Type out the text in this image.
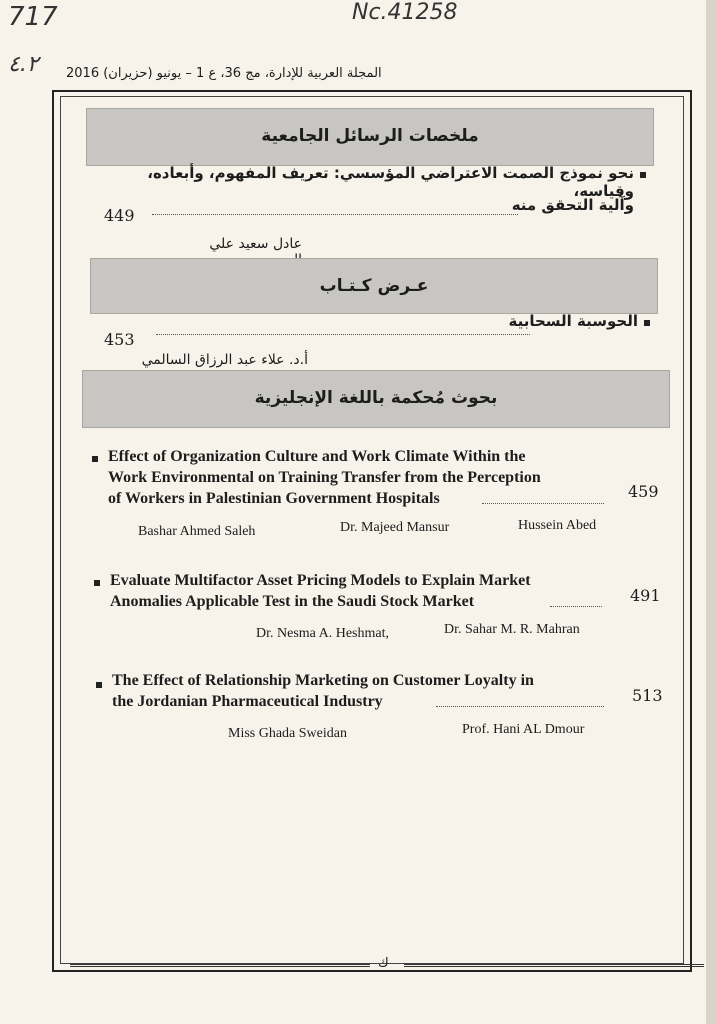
717	Nc.41258
٤.٢ المجلة العربية للإدارة، مج 36، ع 1 – يونيو (حزيران) 2016
ملخصات الرسائل الجامعية
نحو نموذج الصمت الاعتراضي المؤسسي: تعريف المفهوم، وأبعاده، وقياسه،
وآلية التحقق منه
449
عادل سعيد علي
عـرض كـتـاب
الحوسبة السحابية
453
أ.د. علاء عبد الرزاق السالمي
بحوث مُحكمة باللغة الإنجليزية
Effect of Organization Culture and Work Climate Within the
Work Environmental on Training Transfer from the Perception
of Workers in Palestinian Government Hospitals	459
Bashar Ahmed Saleh	Dr. Majeed Mansur	Hussein Abed
Evaluate Multifactor Asset Pricing Models to Explain Market
Anomalies Applicable Test in the Saudi Stock Market	491
Dr. Nesma A. Heshmat,	Dr. Sahar M. R. Mahran
The Effect of Relationship Marketing on Customer Loyalty in
the Jordanian Pharmaceutical Industry	513
Miss Ghada Sweidan	Prof. Hani AL Dmour
ك
